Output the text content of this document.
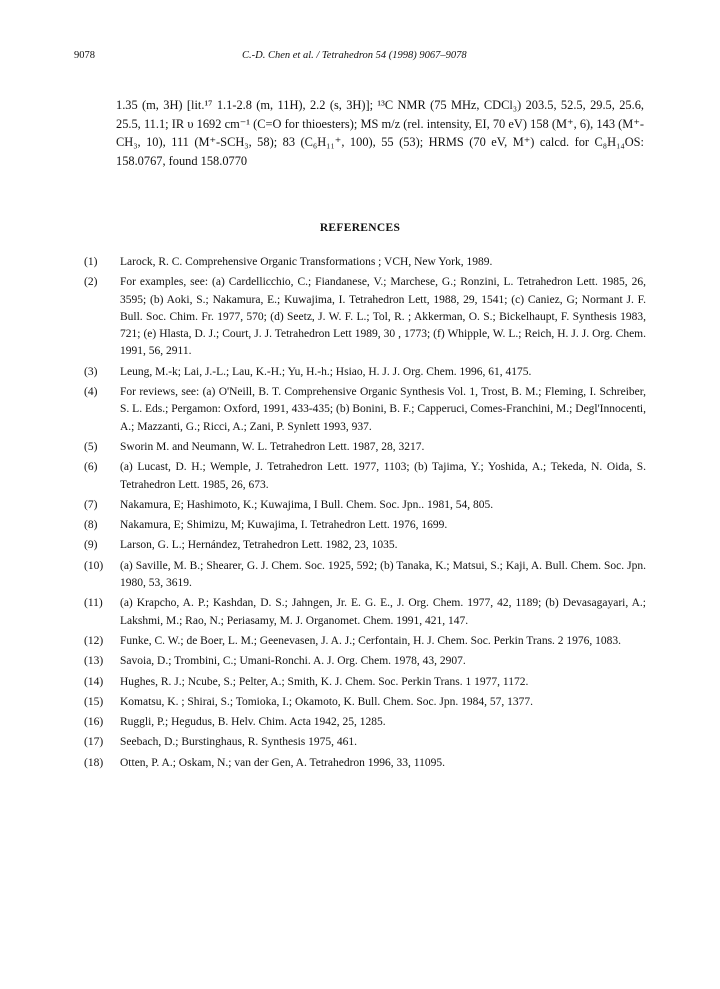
9078	C.-D. Chen et al. / Tetrahedron 54 (1998) 9067–9078

1.35 (m, 3H) [lit.¹⁷ 1.1-2.8 (m, 11H), 2.2 (s, 3H)]; ¹³C NMR (75 MHz, CDCl₃) 203.5, 52.5, 29.5, 25.6, 25.5, 11.1; IR υ 1692 cm⁻¹ (C=O for thioesters); MS m/z (rel. intensity, EI, 70 eV) 158 (M⁺, 6), 143 (M⁺-CH₃, 10), 111 (M⁺-SCH₃, 58); 83 (C₆H₁₁⁺, 100), 55 (53); HRMS (70 eV, M⁺) calcd. for C₈H₁₄OS: 158.0767, found 158.0770

REFERENCES
(1) Larock, R. C. Comprehensive Organic Transformations ; VCH, New York, 1989.
(2) For examples, see: (a) Cardellicchio, C.; Fiandanese, V.; Marchese, G.; Ronzini, L. Tetrahedron Lett. 1985, 26, 3595; (b) Aoki, S.; Nakamura, E.; Kuwajima, I. Tetrahedron Lett, 1988, 29, 1541; (c) Caniez, G; Normant J. F. Bull. Soc. Chim. Fr. 1977, 570; (d) Seetz, J. W. F. L.; Tol, R. ; Akkerman, O. S.; Bickelhaupt, F. Synthesis 1983, 721; (e) Hlasta, D. J.; Court, J. J. Tetrahedron Lett 1989, 30 , 1773; (f) Whipple, W. L.; Reich, H. J. J. Org. Chem. 1991, 56, 2911.
(3) Leung, M.-k; Lai, J.-L.; Lau, K.-H.; Yu, H.-h.; Hsiao, H. J. J. Org. Chem. 1996, 61, 4175.
(4) For reviews, see: (a) O'Neill, B. T. Comprehensive Organic Synthesis Vol. 1, Trost, B. M.; Fleming, I. Schreiber, S. L. Eds.; Pergamon: Oxford, 1991, 433-435; (b) Bonini, B. F.; Capperuci, Comes-Franchini, M.; Degl'Innocenti, A.; Mazzanti, G.; Ricci, A.; Zani, P. Synlett 1993, 937.
(5) Sworin M. and Neumann, W. L. Tetrahedron Lett. 1987, 28, 3217.
(6) (a) Lucast, D. H.; Wemple, J. Tetrahedron Lett. 1977, 1103; (b) Tajima, Y.; Yoshida, A.; Tekeda, N. Oida, S. Tetrahedron Lett. 1985, 26, 673.
(7) Nakamura, E; Hashimoto, K.; Kuwajima, I Bull. Chem. Soc. Jpn.. 1981, 54, 805.
(8) Nakamura, E; Shimizu, M; Kuwajima, I. Tetrahedron Lett. 1976, 1699.
(9) Larson, G. L.; Hernández, Tetrahedron Lett. 1982, 23, 1035.
(10) (a) Saville, M. B.; Shearer, G. J. Chem. Soc. 1925, 592; (b) Tanaka, K.; Matsui, S.; Kaji, A. Bull. Chem. Soc. Jpn. 1980, 53, 3619.
(11) (a) Krapcho, A. P.; Kashdan, D. S.; Jahngen, Jr. E. G. E., J. Org. Chem. 1977, 42, 1189; (b) Devasagayari, A.; Lakshmi, M.; Rao, N.; Periasamy, M. J. Organomet. Chem. 1991, 421, 147.
(12) Funke, C. W.; de Boer, L. M.; Geenevasen, J. A. J.; Cerfontain, H. J. Chem. Soc. Perkin Trans. 2 1976, 1083.
(13) Savoia, D.; Trombini, C.; Umani-Ronchi. A. J. Org. Chem. 1978, 43, 2907.
(14) Hughes, R. J.; Ncube, S.; Pelter, A.; Smith, K. J. Chem. Soc. Perkin Trans. 1 1977, 1172.
(15) Komatsu, K. ; Shirai, S.; Tomioka, I.; Okamoto, K. Bull. Chem. Soc. Jpn. 1984, 57, 1377.
(16) Ruggli, P.; Hegudus, B. Helv. Chim. Acta 1942, 25, 1285.
(17) Seebach, D.; Burstinghaus, R. Synthesis 1975, 461.
(18) Otten, P. A.; Oskam, N.; van der Gen, A. Tetrahedron 1996, 33, 11095.
